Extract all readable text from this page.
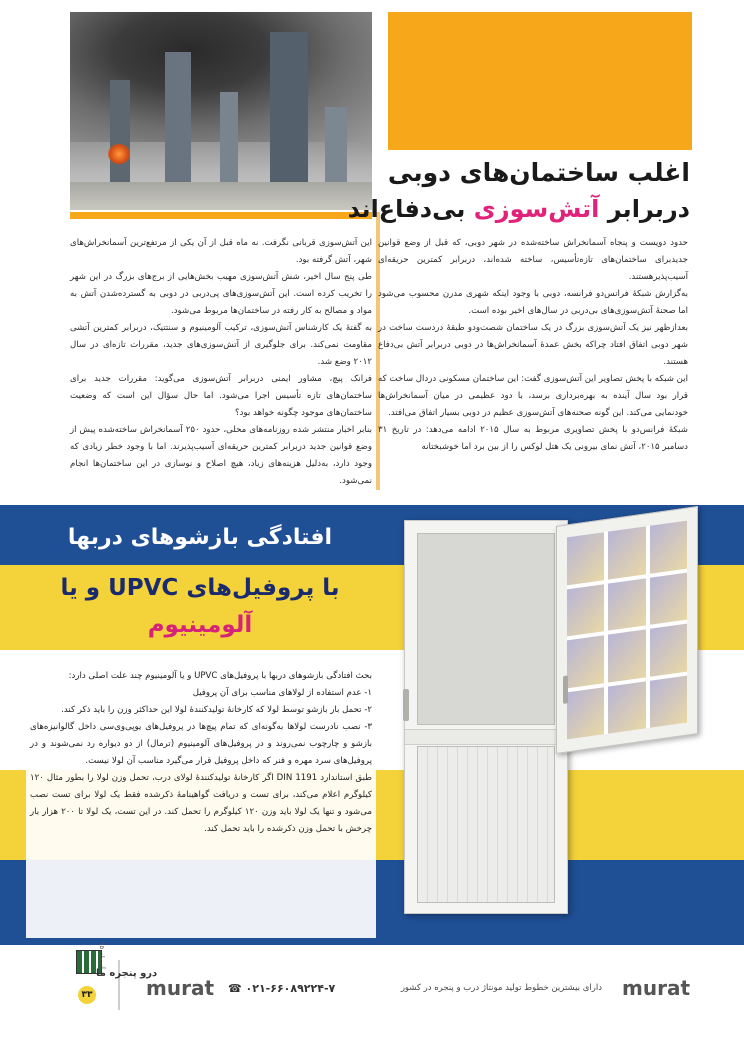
اغلب ساختمان‌های دوبی
دربرابر آتش‌سوزی بی‌دفاع‌اند

حدود دویست و پنجاه آسمانخراش ساخته‌شده در شهر دوبی، که قبل از وضع قوانین جدیدبرای ساختمان‌های تازه‌تأسیس، ساخته شده‌اند، دربرابر کمترین حریقه‌ای آسیب‌پذیرهستند.

به‌گزارش شبکهٔ فرانس‌دو فرانسه، دوبی با وجود اینکه شهری مدرن محسوب می‌شود اما صحنهٔ آتش‌سوزی‌های بی‌دربی در سال‌های اخیر بوده است.

بعدازظهر نیز یک آتش‌سوزی بزرگ در یک ساختمان شصت‌ودو طبقهٔ دردست ساخت در شهر دوبی اتفاق افتاد چراکه بخش عمدهٔ آسمانخراش‌ها در دوبی دربرابر آتش بی‌دفاع هستند.

این شبکه با پخش تصاویر این آتش‌سوزی گفت: این ساختمان مسکونی دردال ساخت که قرار بود سال آینده به بهره‌برداری برسد، با دود عظیمی در میان آسمانخراش‌ها خودنمایی می‌کند. این گونه صحنه‌های آتش‌سوزی عظیم در دوبی بسیار اتفاق می‌افتد.

شبکهٔ فرانس‌دو با پخش تصاویری مربوط به سال ۲۰۱۵ ادامه می‌دهد: در تاریخ ۳۱ دسامبر ۲۰۱۵، آتش نمای بیرونی یک هتل لوکس را از بین برد اما خوشبختانه

این آتش‌سوزی قربانی نگرفت. نه ماه قبل از آن یکی از مرتفع‌ترین آسمانخراش‌های شهر، آتش گرفته بود.

طی پنج سال اخیر، شش آتش‌سوزی مهیب بخش‌هایی از برج‌های بزرگ در این شهر را تخریب کرده است. این آتش‌سوزی‌های پی‌دربی در دوبی به گسترده‌شدن آتش به مواد و مصالح به کار رفته در ساختمان‌ها مربوط می‌شود.

به گفتهٔ یک کارشناس آتش‌سوزی، ترکیب آلومینیوم و سنتتیک، دربرابر کمترین آتشی مقاومت نمی‌کند. برای جلوگیری از آتش‌سوزی‌های جدید، مقررات تازه‌ای در سال ۲۰۱۲ وضع شد.

فرانک پیچ، مشاور ایمنی دربرابر آتش‌سوزی می‌گوید: مقررات جدید برای ساختمان‌های تازه تأسیس اجرا می‌شود. اما حال سؤال این است که وضعیت ساختمان‌های موجود چگونه خواهد بود؟

بنابر اخبار منتشر شده روزنامه‌های محلی، حدود ۲۵۰ آسمانخراش ساخته‌شده پیش از وضع قوانین جدید دربرابر کمترین حریقه‌ای آسیب‌پذیرند. اما با وجود خطر زیادی که وجود دارد، به‌دلیل هزینه‌های زیاد، هیچ اصلاح و نوسازی در این ساختمان‌ها انجام نمی‌شود.

افتادگی بازشوهای دربها
با پروفیل‌های UPVC و یا
آلومینیوم

بحث افتادگی بازشوهای دربها با پروفیل‌های UPVC و یا آلومینیوم چند علت اصلی دارد:

۱- عدم استفاده از لولاهای مناسب برای آن پروفیل

۲- تحمل بار بازشو توسط لولا که کارخانهٔ تولیدکنندهٔ لولا این حداکثر وزن را باید ذکر کند.

۳- نصب نادرست لولاها به‌گونه‌ای که تمام پیچ‌ها در پروفیل‌های یوپی‌وی‌سی داخل گالوانیزه‌های بازشو و چارچوب نمی‌روند و در پروفیل‌های آلومینیوم (ترمال) از دو دیواره رد نمی‌شوند و در پروفیل‌های سرد مهره و فنر که داخل پروفیل قرار می‌گیرد مناسب آن لولا نیست.

طبق استاندارد DIN 1191 اگر کارخانهٔ تولیدکنندهٔ لولای درب، تحمل وزن لولا را بطور مثال ۱۲۰ کیلوگرم اعلام می‌کند، برای تست و دریافت گواهینامهٔ ذکرشده فقط یک لولا برای تست نصب می‌شود و تنها یک لولا باید وزن ۱۲۰ کیلوگرم را تحمل کند. در این تست، یک لولا تا ۲۰۰ هزار بار چرخش با تحمل وزن ذکرشده را باید تحمل کند.

murat
دارای بیشترین خطوط تولید مونتاژ درب و پنجره در کشور
☎ ۰۲۱-۶۶۰۸۹۲۲۴-۷
murat
آسمان ۹۵
درو پنجره ما
۳۳
